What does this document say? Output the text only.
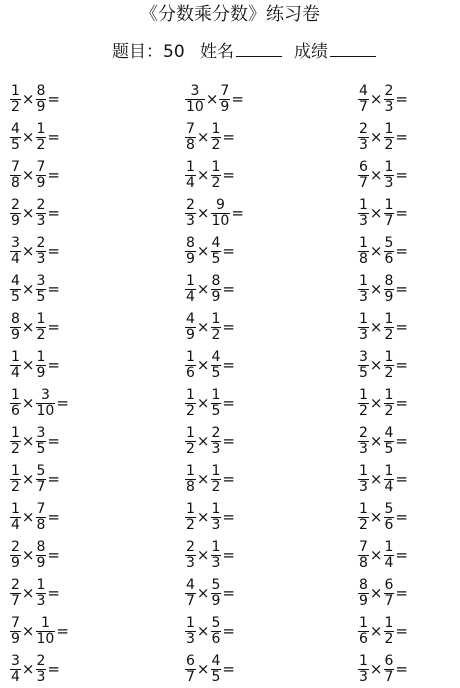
《分数乘分数》练习卷
题目：50 姓名	成绩
$\frac{1}{2} \times \frac{8}{9}$ =	$\frac{3}{10} \times \frac{7}{9}$ =	$\frac{4}{7} \times \frac{2}{3}$ =
$\frac{4}{5} \times \frac{1}{2}$ =	$\frac{7}{8} \times \frac{1}{2}$ =	$\frac{2}{3} \times \frac{1}{2}$ =
$\frac{7}{8} \times \frac{7}{9}$ =	$\frac{1}{4} \times \frac{1}{2}$ =	$\frac{6}{7} \times \frac{1}{3}$ =
$\frac{2}{9} \times \frac{2}{3}$ =	$\frac{2}{3} \times \frac{9}{10}$ =	$\frac{1}{3} \times \frac{1}{7}$ =
$\frac{3}{4} \times \frac{2}{3}$ =	$\frac{8}{9} \times \frac{4}{5}$ =	$\frac{1}{8} \times \frac{5}{6}$ =
$\frac{4}{5} \times \frac{3}{5}$ =	$\frac{1}{4} \times \frac{8}{9}$ =	$\frac{1}{3} \times \frac{8}{9}$ =
$\frac{8}{9} \times \frac{1}{2}$ =	$\frac{4}{9} \times \frac{1}{2}$ =	$\frac{1}{3} \times \frac{1}{2}$ =
$\frac{1}{4} \times \frac{1}{9}$ =	$\frac{1}{6} \times \frac{4}{5}$ =	$\frac{3}{5} \times \frac{1}{2}$ =
$\frac{1}{6} \times \frac{3}{10}$ =	$\frac{1}{2} \times \frac{1}{5}$ =	$\frac{1}{2} \times \frac{1}{2}$ =
$\frac{1}{2} \times \frac{3}{5}$ =	$\frac{1}{2} \times \frac{2}{3}$ =	$\frac{2}{3} \times \frac{4}{5}$ =
$\frac{1}{2} \times \frac{5}{7}$ =	$\frac{1}{8} \times \frac{1}{2}$ =	$\frac{1}{3} \times \frac{1}{4}$ =
$\frac{1}{4} \times \frac{7}{8}$ =	$\frac{1}{2} \times \frac{1}{3}$ =	$\frac{1}{2} \times \frac{5}{6}$ =
$\frac{2}{9} \times \frac{8}{9}$ =	$\frac{2}{3} \times \frac{1}{3}$ =	$\frac{7}{8} \times \frac{1}{4}$ =
$\frac{2}{7} \times \frac{1}{3}$ =	$\frac{4}{7} \times \frac{5}{9}$ =	$\frac{8}{9} \times \frac{6}{7}$ =
$\frac{7}{9} \times \frac{1}{10}$ =	$\frac{1}{3} \times \frac{5}{6}$ =	$\frac{1}{6} \times \frac{1}{2}$ =
$\frac{3}{4} \times \frac{2}{3}$ =	$\frac{6}{7} \times \frac{4}{5}$ =	$\frac{1}{3} \times \frac{6}{7}$ =
